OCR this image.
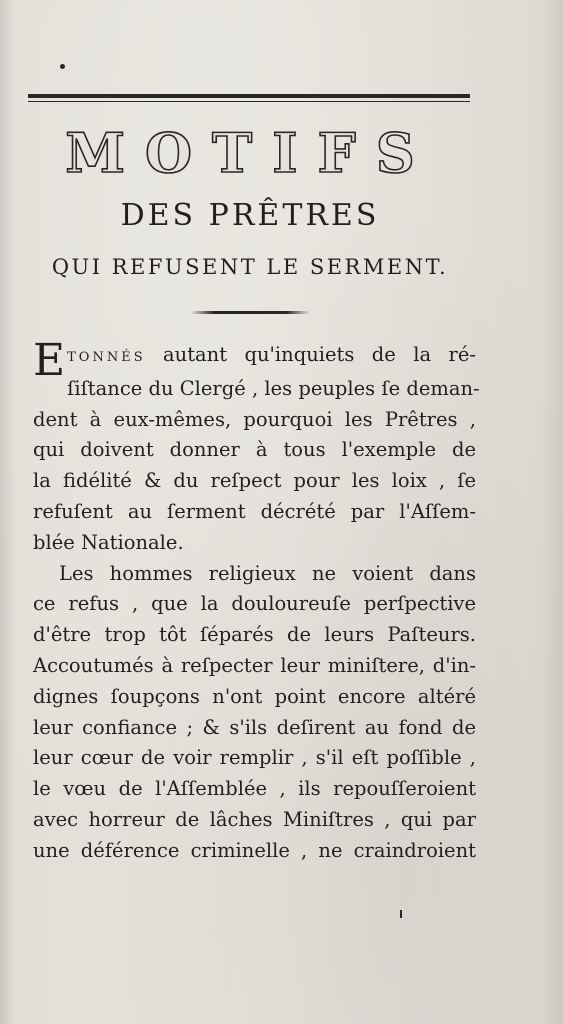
MOTIFS
DES PRÊTRES
QUI REFUSENT LE SERMENT.
ETONNÉS autant qu'inquiets de la ré-
ſiſtance du Clergé , les peuples ſe deman-
dent à eux-mêmes, pourquoi les Prêtres ,
qui doivent donner à tous l'exemple de
la fidélité & du reſpect pour les loix , ſe
refuſent au ſerment décrété par l'Aſſem-
blée Nationale.
Les hommes religieux ne voient dans
ce refus , que la douloureuſe perſpective
d'être trop tôt ſéparés de leurs Paſteurs.
Accoutumés à reſpecter leur miniſtere, d'in-
dignes ſoupçons n'ont point encore altéré
leur confiance ; & s'ils deſirent au fond de
leur cœur de voir remplir , s'il eſt poſſible ,
le vœu de l'Aſſemblée , ils repouſſeroient
avec horreur de lâches Miniſtres , qui par
une déférence criminelle , ne craindroient
